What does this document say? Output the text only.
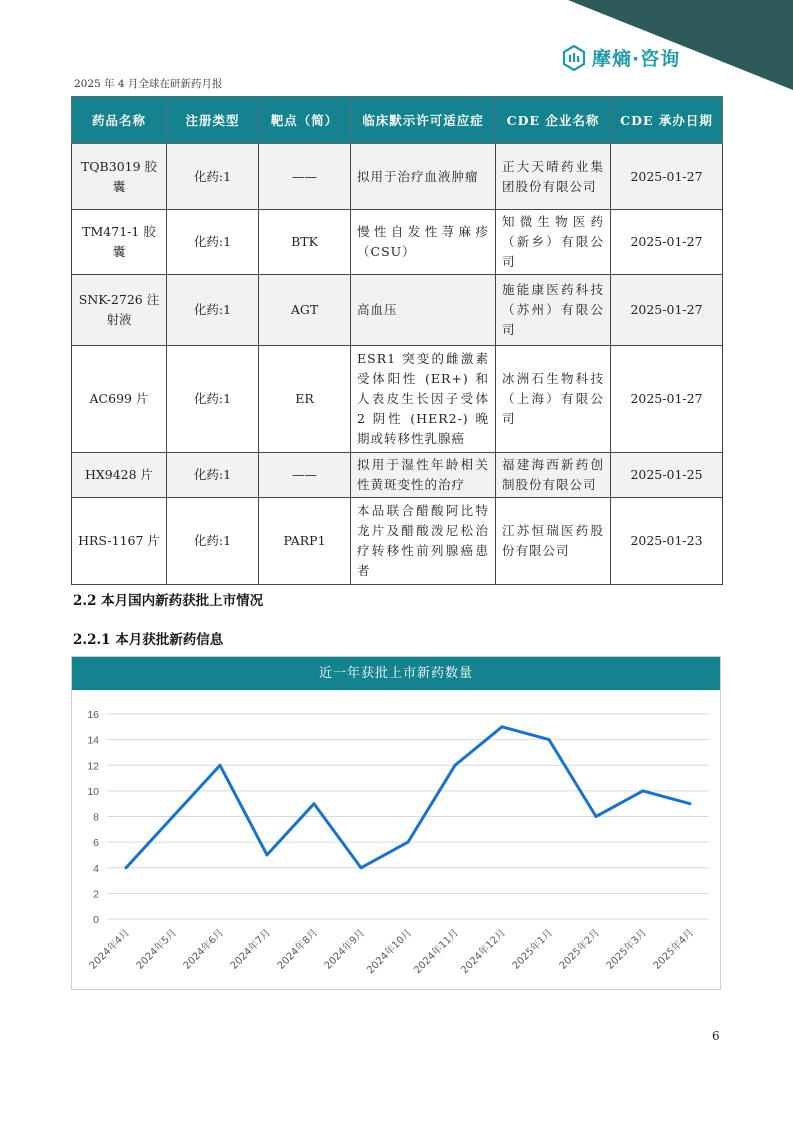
摩熵·咨询
2025 年 4 月全球在研新药月报
药品名称	注册类型	靶点（简）	临床默示许可适应症	CDE 企业名称	CDE 承办日期
TQB3019 胶囊	化药:1	——	拟用于治疗血液肿瘤	正大天晴药业集团股份有限公司	2025-01-27
TM471-1 胶囊	化药:1	BTK	慢性自发性荨麻疹（CSU）	知微生物医药（新乡）有限公司	2025-01-27
SNK-2726 注射液	化药:1	AGT	高血压	施能康医药科技（苏州）有限公司	2025-01-27
AC699 片	化药:1	ER	ESR1 突变的雌激素受体阳性 (ER+) 和人表皮生长因子受体 2 阴性 (HER2-) 晚期或转移性乳腺癌	冰洲石生物科技（上海）有限公司	2025-01-27
HX9428 片	化药:1	——	拟用于湿性年龄相关性黄斑变性的治疗	福建海西新药创制股份有限公司	2025-01-25
HRS-1167 片	化药:1	PARP1	本品联合醋酸阿比特龙片及醋酸泼尼松治疗转移性前列腺癌患者	江苏恒瑞医药股份有限公司	2025-01-23
2.2 本月国内新药获批上市情况
2.2.1 本月获批新药信息
近一年获批上市新药数量
0
2
4
6
8
10
12
14
16
2024年4月 2024年5月 2024年6月 2024年7月 2024年8月 2024年9月
2024年10月
2024年11月
2024年12月 2025年1月 2025年2月 2025年3月 2025年4月
6
